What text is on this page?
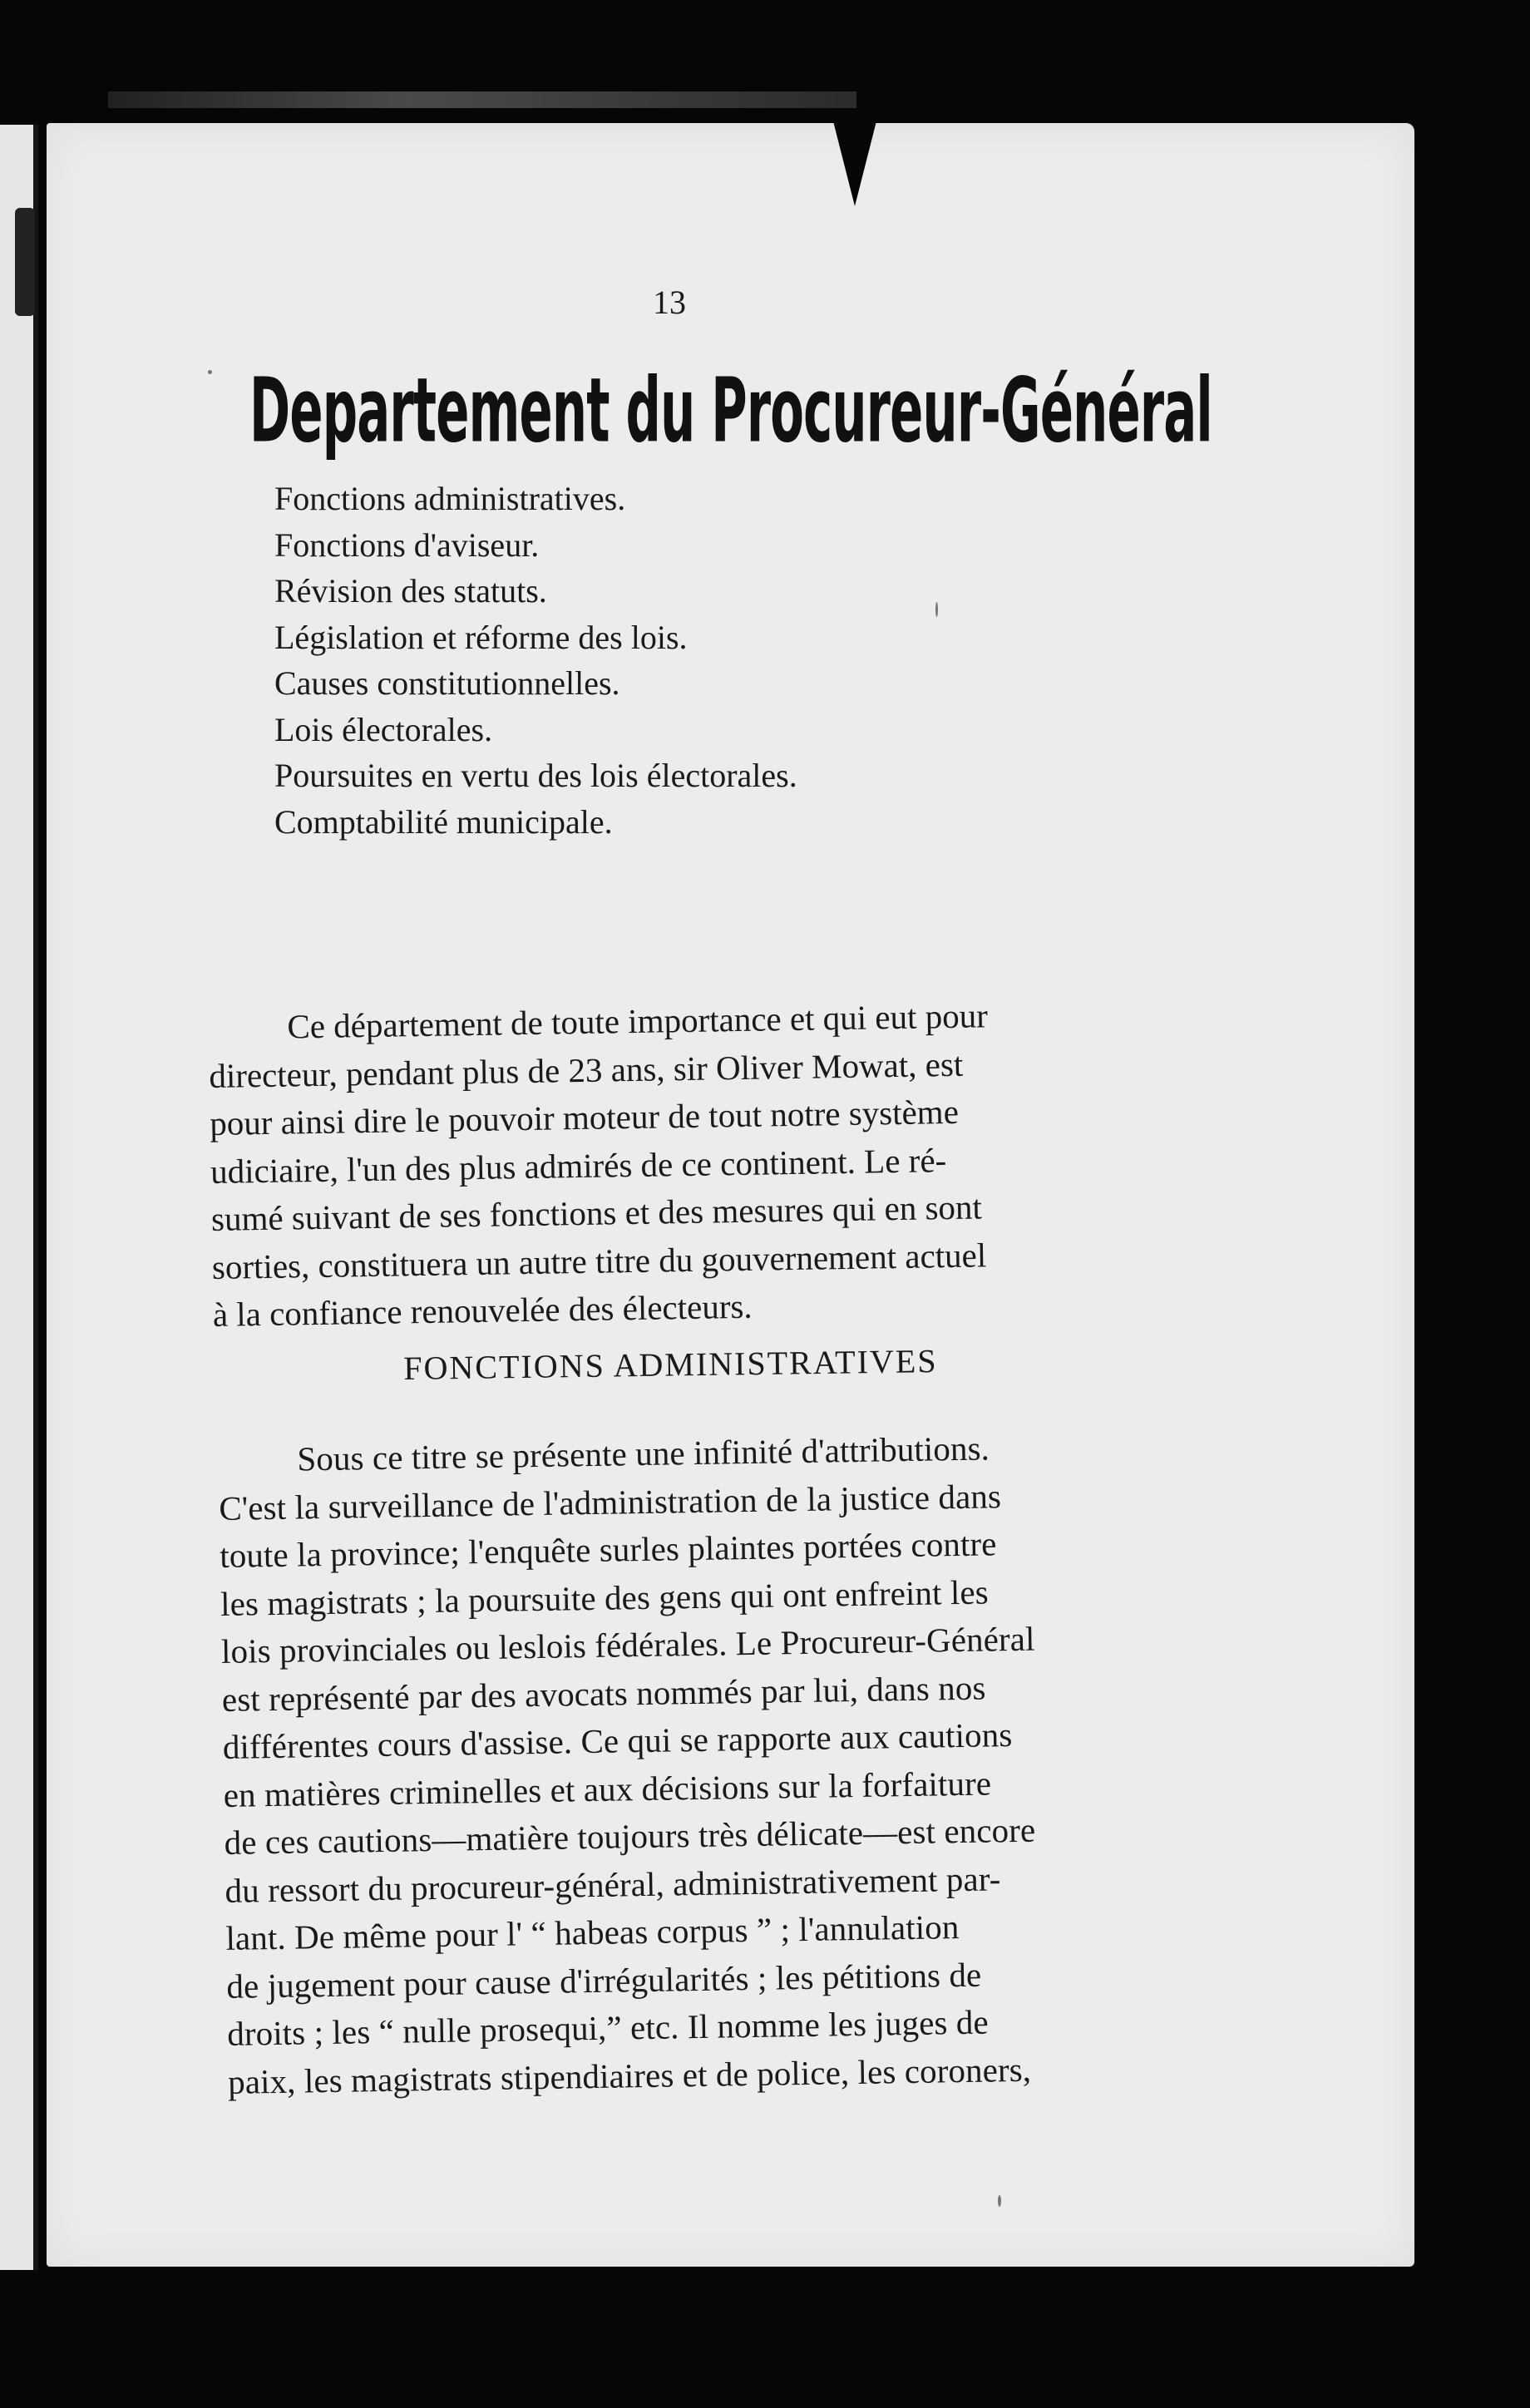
13
Departement du Procureur-Général
Fonctions administratives.
Fonctions d'aviseur.
Révision des statuts.
Législation et réforme des lois.
Causes constitutionnelles.
Lois électorales.
Poursuites en vertu des lois électorales.
Comptabilité municipale.
Ce département de toute importance et qui eut pour
directeur, pendant plus de 23 ans, sir Oliver Mowat, est
pour ainsi dire le pouvoir moteur de tout notre système
udiciaire, l'un des plus admirés de ce continent. Le ré-
sumé suivant de ses fonctions et des mesures qui en sont
sorties, constituera un autre titre du gouvernement actuel
à la confiance renouvelée des électeurs.
FONCTIONS ADMINISTRATIVES
Sous ce titre se présente une infinité d'attributions.
C'est la surveillance de l'administration de la justice dans
toute la province; l'enquête surles plaintes portées contre
les magistrats ; la poursuite des gens qui ont enfreint les
lois provinciales ou leslois fédérales. Le Procureur-Général
est représenté par des avocats nommés par lui, dans nos
différentes cours d'assise. Ce qui se rapporte aux cautions
en matières criminelles et aux décisions sur la forfaiture
de ces cautions—matière toujours très délicate—est encore
du ressort du procureur-général, administrativement par-
lant. De même pour l' “ habeas corpus ” ; l'annulation
de jugement pour cause d'irrégularités ; les pétitions de
droits ; les “ nulle prosequi,” etc. Il nomme les juges de
paix, les magistrats stipendiaires et de police, les coroners,
